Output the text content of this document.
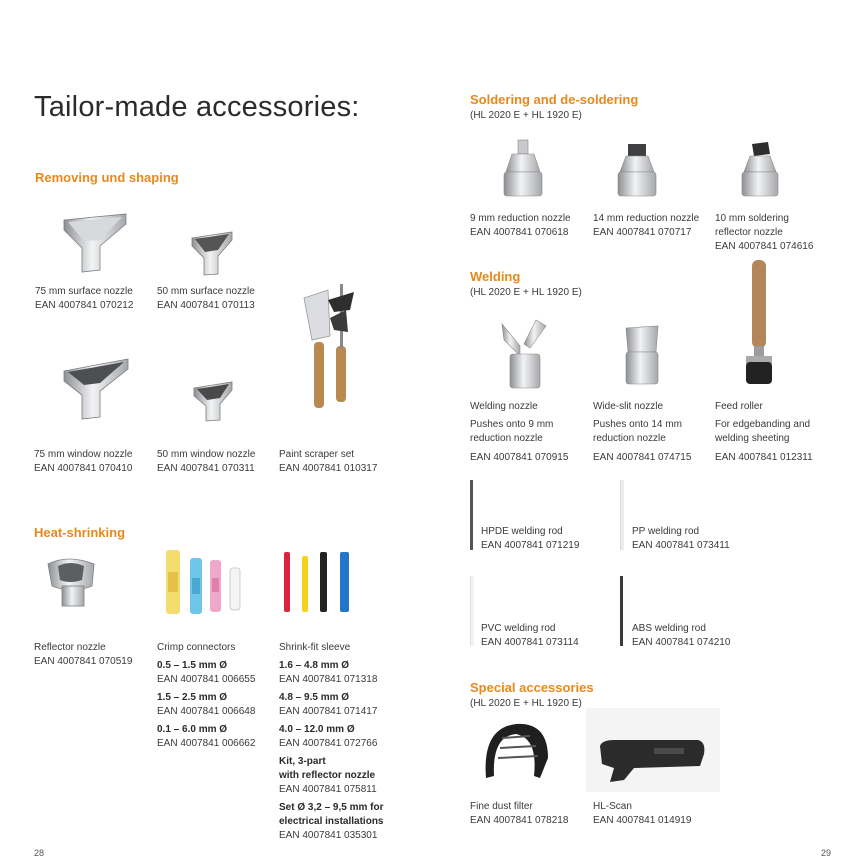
Tailor-made accessories:
Removing und shaping
75 mm surface nozzle
EAN 4007841 070212
50 mm surface nozzle
EAN 4007841 070113
75 mm window nozzle
EAN 4007841 070410
50 mm window nozzle
EAN 4007841 070311
Paint scraper set
EAN 4007841 010317
Heat-shrinking
Reflector nozzle
EAN 4007841 070519
Crimp connectors
0.5 – 1.5 mm Ø
EAN 4007841 006655
1.5 – 2.5 mm Ø
EAN 4007841 006648
0.1 – 6.0 mm Ø
EAN 4007841 006662
Shrink-fit sleeve
1.6 – 4.8 mm Ø
EAN 4007841 071318
4.8 – 9.5 mm Ø
EAN 4007841 071417
4.0 – 12.0 mm Ø
EAN 4007841 072766
Kit, 3-part
with reflector nozzle
EAN 4007841 075811
Set Ø 3,2 – 9,5 mm for
electrical installations
EAN 4007841 035301
28
Soldering and de-soldering
(HL 2020 E + HL 1920 E)
9 mm reduction nozzle
EAN 4007841 070618
14 mm reduction nozzle
EAN 4007841 070717
10 mm soldering
reflector nozzle
EAN 4007841 074616
Welding
(HL 2020 E + HL 1920 E)
Welding nozzle
Pushes onto 9 mm
reduction nozzle
EAN 4007841 070915
Wide-slit nozzle
Pushes onto 14 mm
reduction nozzle
EAN 4007841 074715
Feed roller
For edgebanding and
welding sheeting
EAN 4007841 012311
HPDE welding rod
EAN 4007841 071219
PP welding rod
EAN 4007841 073411
PVC welding rod
EAN 4007841 073114
ABS welding rod
EAN 4007841 074210
Special accessories
(HL 2020 E + HL 1920 E)
Fine dust filter
EAN 4007841 078218
HL-Scan
EAN 4007841 014919
29
